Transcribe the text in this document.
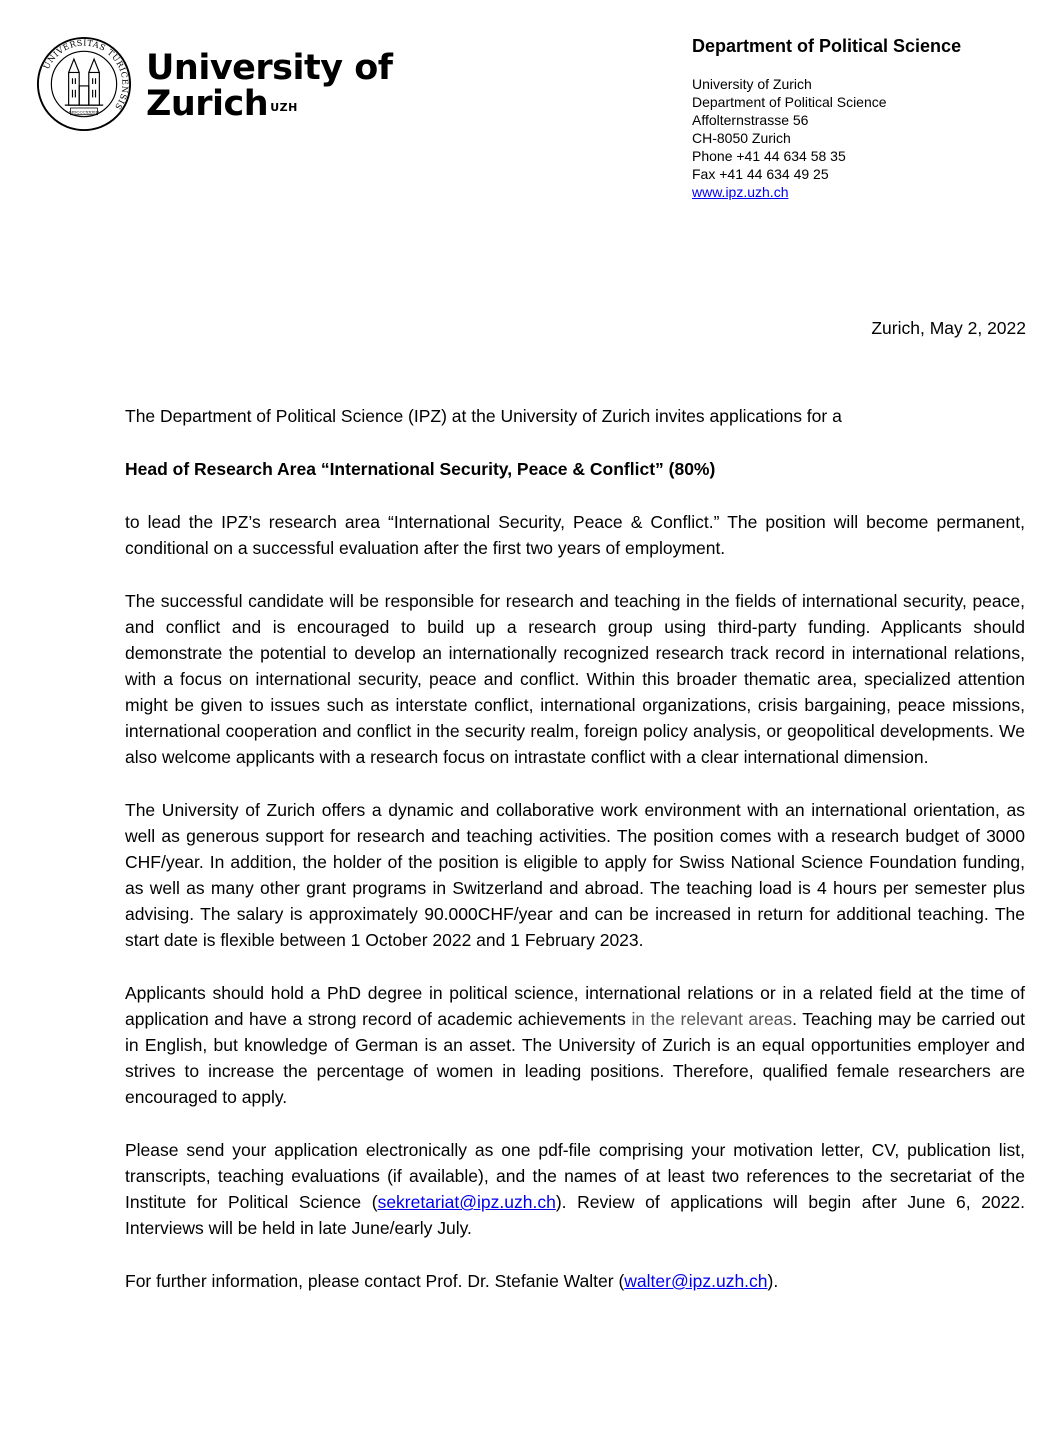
UNIVERSITAS TURICENSIS
MDCCCXXXIII
University of
Zurich $^{UZH}$
Department of Political Science
University of Zurich
Department of Political Science
Affolternstrasse 56
CH-8050 Zurich
Phone +41 44 634 58 35
Fax +41 44 634 49 25
www.ipz.uzh.ch
Zurich, May 2, 2022

The Department of Political Science (IPZ) at the University of Zurich invites applications for a

Head of Research Area “International Security, Peace & Conflict” (80%)

to lead the IPZ’s research area “International Security, Peace & Conflict.” The position will become permanent, conditional on a successful evaluation after the first two years of employment.

The successful candidate will be responsible for research and teaching in the fields of international security, peace, and conflict and is encouraged to build up a research group using third-party funding. Applicants should demonstrate the potential to develop an internationally recognized research track record in international relations, with a focus on international security, peace and conflict. Within this broader thematic area, specialized attention might be given to issues such as interstate conflict, international organizations, crisis bargaining, peace missions, international cooperation and conflict in the security realm, foreign policy analysis, or geopolitical developments. We also welcome applicants with a research focus on intrastate conflict with a clear international dimension.

The University of Zurich offers a dynamic and collaborative work environment with an international orientation, as well as generous support for research and teaching activities. The position comes with a research budget of 3000 CHF/year. In addition, the holder of the position is eligible to apply for Swiss National Science Foundation funding, as well as many other grant programs in Switzerland and abroad. The teaching load is 4 hours per semester plus advising. The salary is approximately 90.000CHF/year and can be increased in return for additional teaching. The start date is flexible between 1 October 2022 and 1 February 2023.

Applicants should hold a PhD degree in political science, international relations or in a related field at the time of application and have a strong record of academic achievements in the relevant areas. Teaching may be carried out in English, but knowledge of German is an asset. The University of Zurich is an equal opportunities employer and strives to increase the percentage of women in leading positions. Therefore, qualified female researchers are encouraged to apply.

Please send your application electronically as one pdf-file comprising your motivation letter, CV, publication list, transcripts, teaching evaluations (if available), and the names of at least two references to the secretariat of the Institute for Political Science (sekretariat@ipz.uzh.ch). Review of applications will begin after June 6, 2022. Interviews will be held in late June/early July.

For further information, please contact Prof. Dr. Stefanie Walter (walter@ipz.uzh.ch).
